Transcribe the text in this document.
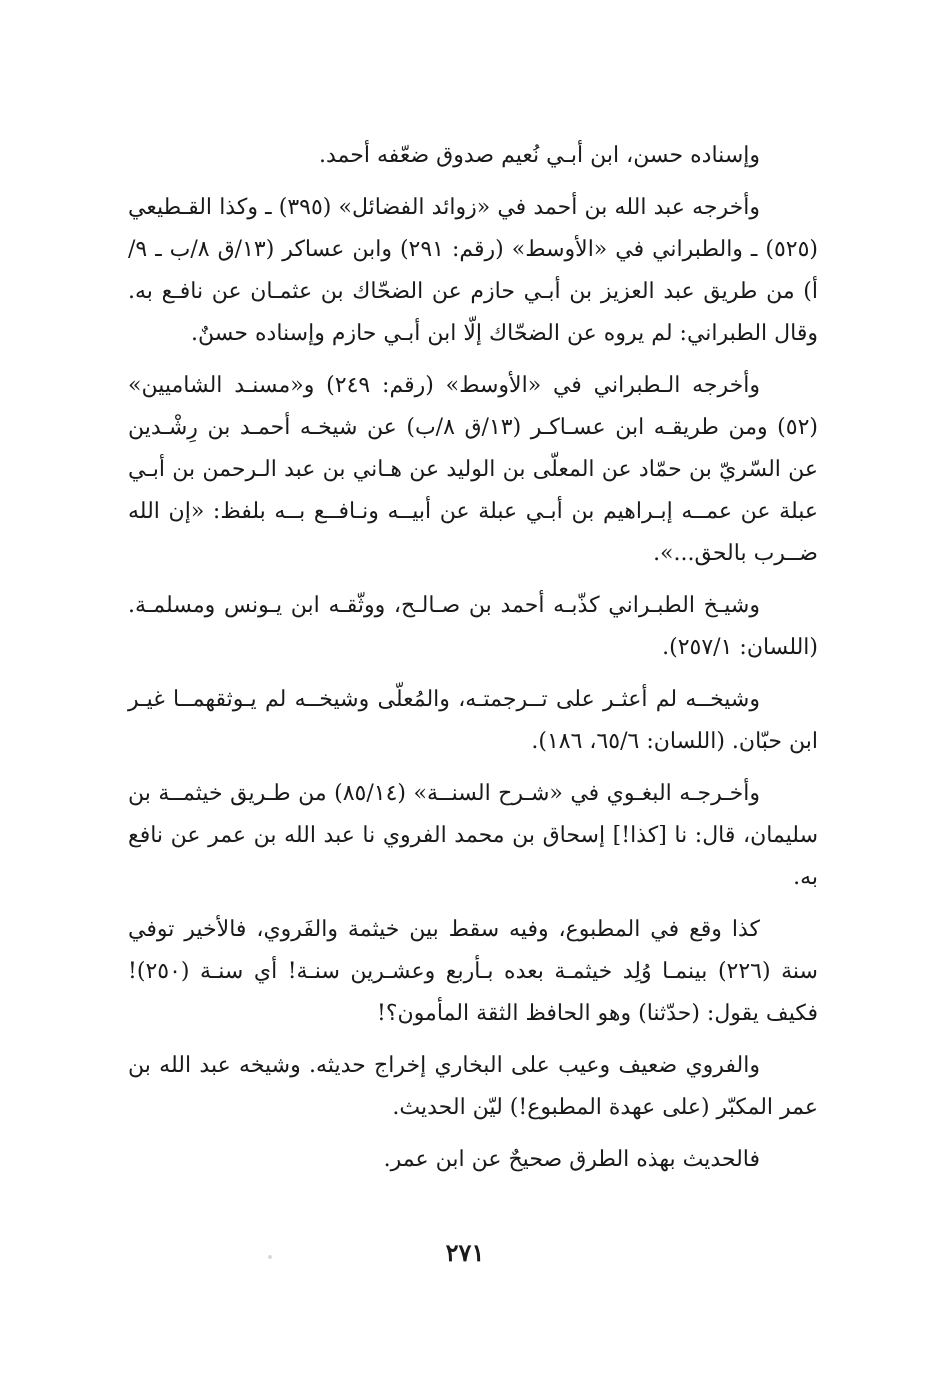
وإسناده حسن، ابن أبـي نُعيم صدوق ضعّفه أحمد.

وأخرجه عبد الله بن أحمد في «زوائد الفضائل» (٣٩٥) ـ وكذا القـطيعي (٥٢٥) ـ والطبراني في «الأوسط» (رقم: ٢٩١) وابن عساكر (١٣/ق ٨/ب ـ ٩/أ) من طريق عبد العزيز بن أبـي حازم عن الضحّاك بن عثمـان عن نافـع به. وقال الطبراني: لم يروه عن الضحّاك إلّا ابن أبـي حازم وإسناده حسنٌ.

وأخرجه الـطبراني في «الأوسط» (رقم: ٢٤٩) و«مسنـد الشاميين» (٥٢) ومن طريقـه ابن عسـاكـر (١٣/ق ٨/ب) عن شيخـه أحمـد بن رِشْـدين عن السّريّ بن حمّاد عن المعلّى بن الوليد عن هـاني بن عبد الـرحمن بن أبـي عبلة عن عمــه إبـراهيم بن أبـي عبلة عن أبيــه ونـافــع بــه بلفظ: «إن الله ضــرب بالحق...».

وشيـخ الطبـراني كذّبـه أحمد بن صـالـح، ووثّقـه ابن يـونس ومسلمـة. (اللسان: ٢٥٧/١).

وشيخــه لم أعثـر على تــرجمتـه، والمُعلّى وشيخــه لم يـوثقهمــا غيـر ابن حبّان. (اللسان: ٦٥/٦، ١٨٦).

وأخـرجـه البغـوي في «شـرح السنــة» (٨٥/١٤) من طـريق خيثمــة بن سليمان، قال: نا [كذا!] إسحاق بن محمد الفروي نا عبد الله بن عمر عن نافع به.

كذا وقع في المطبوع، وفيه سقط بين خيثمة والفَروي، فالأخير توفي سنة (٢٢٦) بينمـا وُلِد خيثمـة بعده بـأربع وعشـرين سنـة! أي سنـة (٢٥٠)! فكيف يقول: (حدّثنا) وهو الحافظ الثقة المأمون؟!

والفروي ضعيف وعيب على البخاري إخراج حديثه. وشيخه عبد الله بن عمر المكبّر (على عهدة المطبوع!) ليّن الحديث.

فالحديث بهذه الطرق صحيحٌ عن ابن عمر.

٢٧١
